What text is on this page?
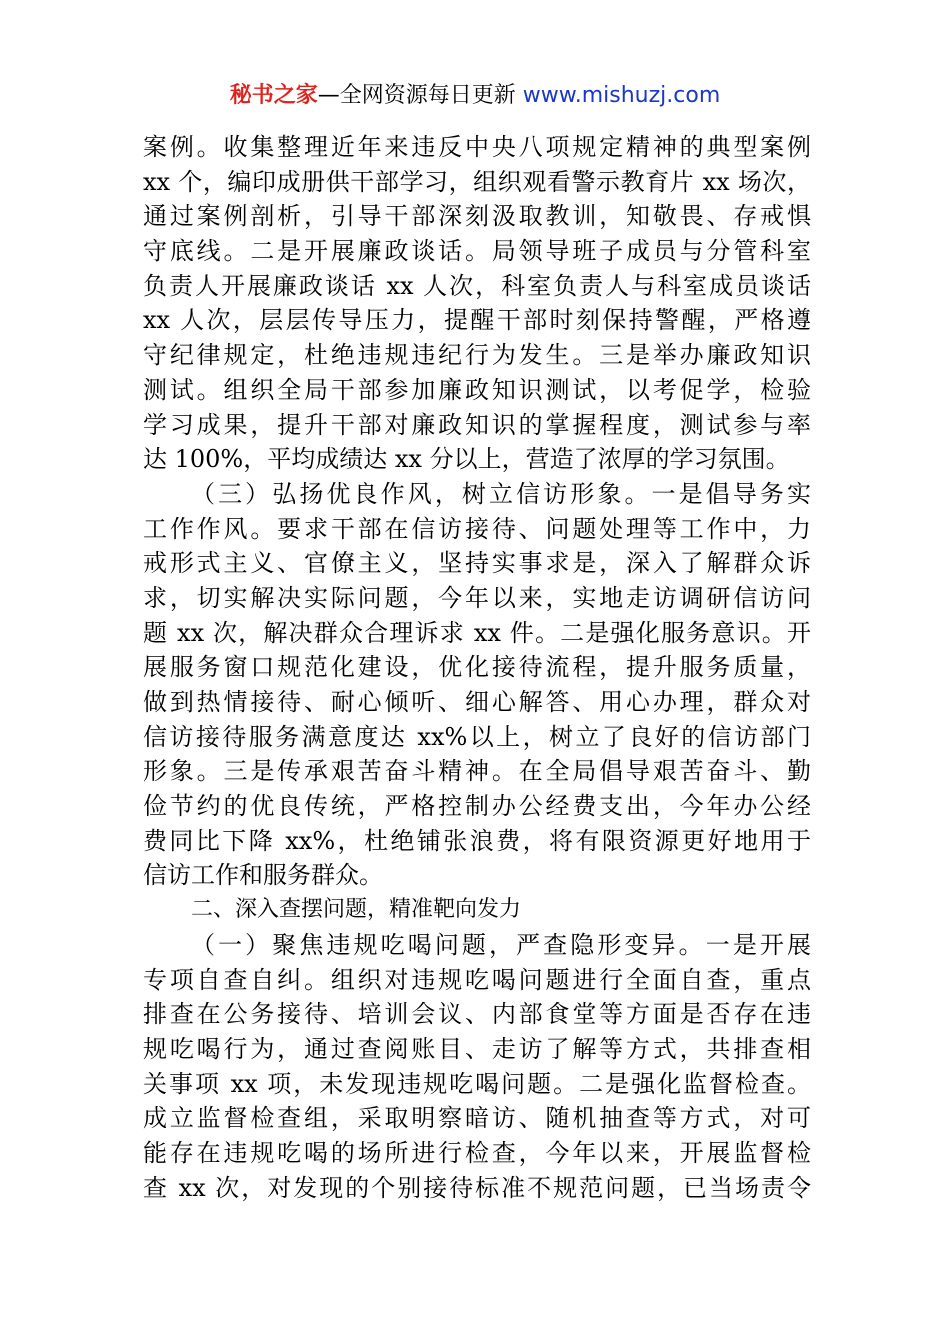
秘书之家—全网资源每日更新 www.mishuzj.com
案例。收集整理近年来违反中央八项规定精神的典型案例
xx 个，编印成册供干部学习，组织观看警示教育片 xx 场次，
通过案例剖析，引导干部深刻汲取教训，知敬畏、存戒惧
守底线。二是开展廉政谈话。局领导班子成员与分管科室
负责人开展廉政谈话 xx 人次，科室负责人与科室成员谈话
xx 人次，层层传导压力，提醒干部时刻保持警醒，严格遵
守纪律规定，杜绝违规违纪行为发生。三是举办廉政知识
测试。组织全局干部参加廉政知识测试，以考促学，检验
学习成果，提升干部对廉政知识的掌握程度，测试参与率
达 100%，平均成绩达 xx 分以上，营造了浓厚的学习氛围。
（三）弘扬优良作风，树立信访形象。一是倡导务实
工作作风。要求干部在信访接待、问题处理等工作中，力
戒形式主义、官僚主义，坚持实事求是，深入了解群众诉
求，切实解决实际问题，今年以来，实地走访调研信访问
题 xx 次，解决群众合理诉求 xx 件。二是强化服务意识。开
展服务窗口规范化建设，优化接待流程，提升服务质量，
做到热情接待、耐心倾听、细心解答、用心办理，群众对
信访接待服务满意度达 xx%以上，树立了良好的信访部门
形象。三是传承艰苦奋斗精神。在全局倡导艰苦奋斗、勤
俭节约的优良传统，严格控制办公经费支出，今年办公经
费同比下降 xx%，杜绝铺张浪费，将有限资源更好地用于
信访工作和服务群众。
二、深入查摆问题，精准靶向发力
（一）聚焦违规吃喝问题，严查隐形变异。一是开展
专项自查自纠。组织对违规吃喝问题进行全面自查，重点
排查在公务接待、培训会议、内部食堂等方面是否存在违
规吃喝行为，通过查阅账目、走访了解等方式，共排查相
关事项 xx 项，未发现违规吃喝问题。二是强化监督检查。
成立监督检查组，采取明察暗访、随机抽查等方式，对可
能存在违规吃喝的场所进行检查，今年以来，开展监督检
查 xx 次，对发现的个别接待标准不规范问题，已当场责令
